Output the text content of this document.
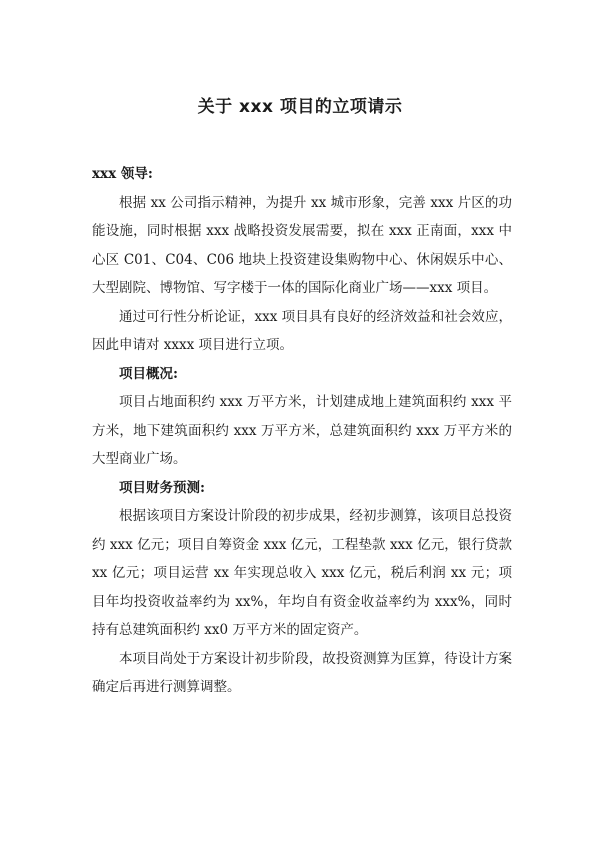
关于 xxx 项目的立项请示

xxx 领导:

根据 xx 公司指示精神，为提升 xx 城市形象，完善 xxx 片区的功能设施，同时根据 xxx 战略投资发展需要，拟在 xxx 正南面，xxx 中心区 C01、C04、C06 地块上投资建设集购物中心、休闲娱乐中心、大型剧院、博物馆、写字楼于一体的国际化商业广场——xxx 项目。

通过可行性分析论证，xxx 项目具有良好的经济效益和社会效应，因此申请对 xxxx 项目进行立项。

项目概况:

项目占地面积约 xxx 万平方米，计划建成地上建筑面积约 xxx 平方米，地下建筑面积约 xxx 万平方米，总建筑面积约 xxx 万平方米的大型商业广场。

项目财务预测:

根据该项目方案设计阶段的初步成果，经初步测算，该项目总投资约 xxx 亿元；项目自筹资金 xxx 亿元，工程垫款 xxx 亿元，银行贷款 xx 亿元；项目运营 xx 年实现总收入 xxx 亿元，税后利润 xx 元；项目年均投资收益率约为 xx%，年均自有资金收益率约为 xxx%，同时持有总建筑面积约 xx0 万平方米的固定资产。

本项目尚处于方案设计初步阶段，故投资测算为匡算，待设计方案确定后再进行测算调整。
